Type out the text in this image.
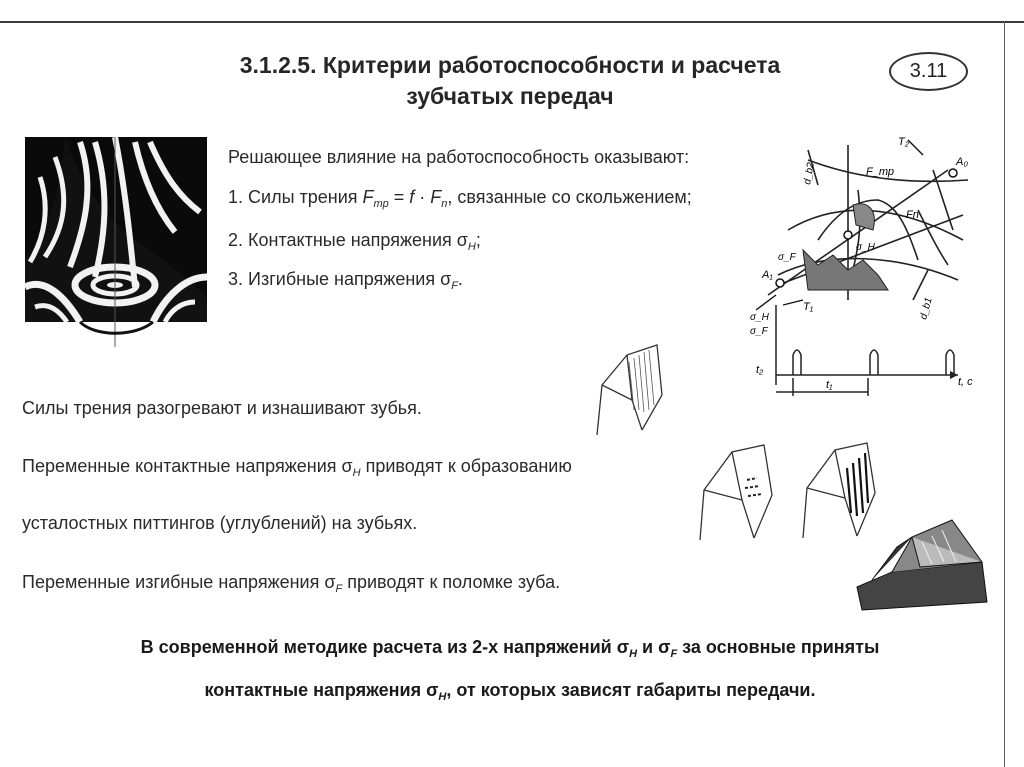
3.1.2.5. Критерии работоспособности и расчета
зубчатых передач
3.11
Решающее влияние на работоспособность оказывают:
1. Силы трения $F_{тр} = f \cdot F_n$, связанные со скольжением;
2. Контактные напряжения $\sigma_H$;
3. Изгибные напряжения $\sigma_F$.
T₂
d_b2	F_тр
A₀
Fn
σ_H
σ_F
A₁
T₁	d_b1
σ_H
σ_F
t₂
t₁	t, c
Силы трения разогревают и изнашивают зубья.
Переменные контактные напряжения $\sigma_H$ приводят к образованию
усталостных питтингов (углублений) на зубьях.
Переменные изгибные напряжения $\sigma_F$ приводят к поломке зуба.
В современной методике расчета из 2-х напряжений $\sigma_H$ и $\sigma_F$ за основные приняты
контактные напряжения $\sigma_H$, от которых зависят габариты передачи.
